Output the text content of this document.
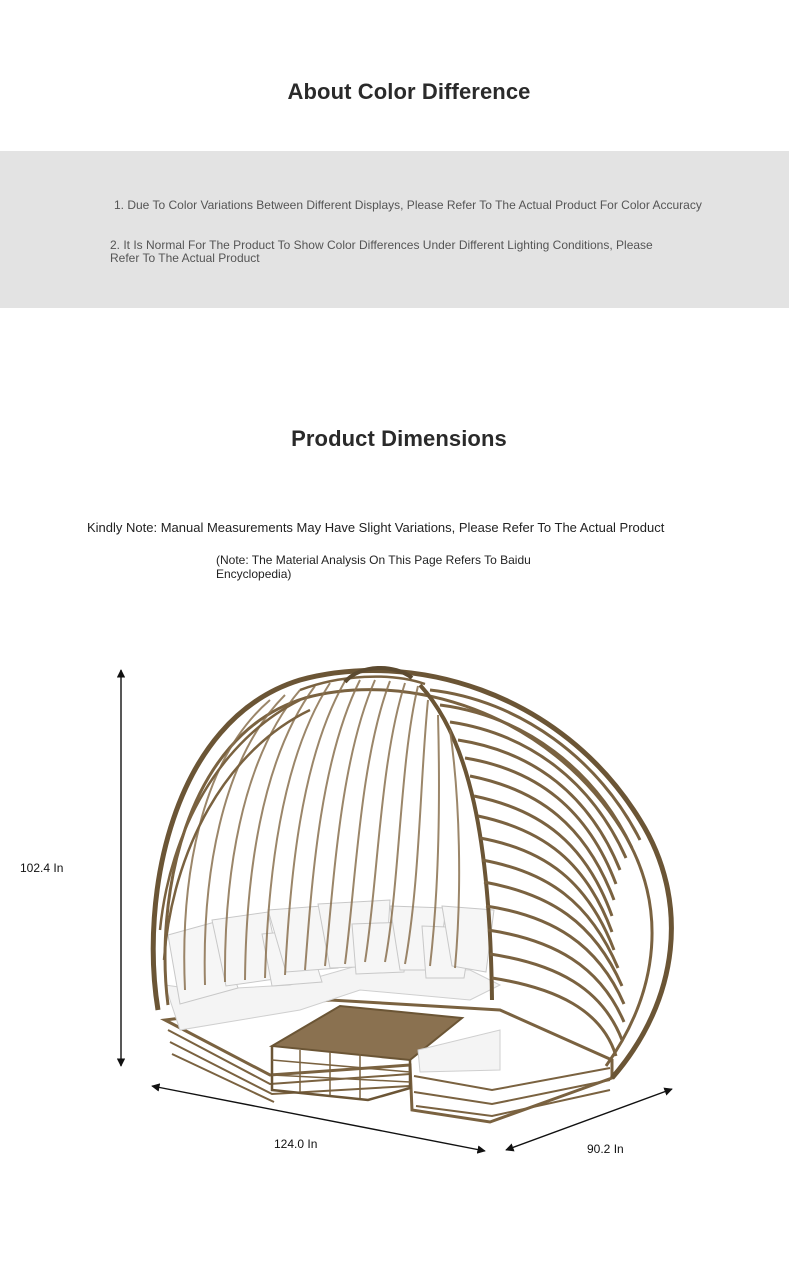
About Color Difference
1. Due To Color Variations Between Different Displays, Please Refer To The Actual Product For Color Accuracy
2. It Is Normal For The Product To Show Color Differences Under Different Lighting Conditions, Please Refer To The Actual Product
Product Dimensions
Kindly Note: Manual Measurements May Have Slight Variations, Please Refer To The Actual Product
(Note: The Material Analysis On This Page Refers To Baidu Encyclopedia)
102.4 In
124.0 In	90.2 In
